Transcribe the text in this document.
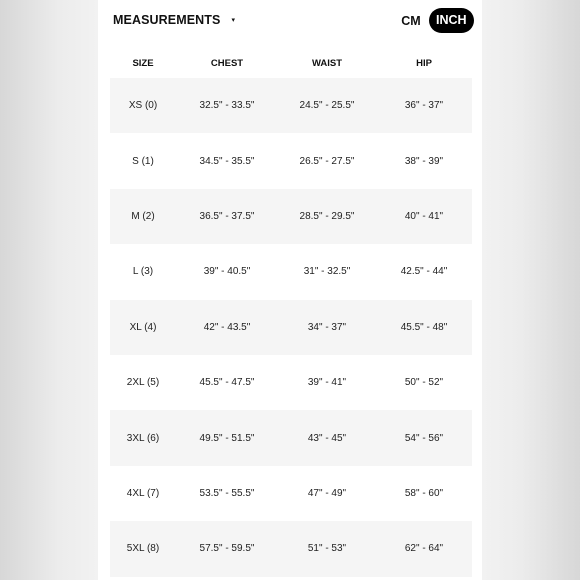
MEASUREMENTS ▾	CM	INCH
SIZE	CHEST	WAIST	HIP
XS (0)	32.5" - 33.5"	24.5" - 25.5"	36" - 37"
S (1)	34.5" - 35.5"	26.5" - 27.5"	38" - 39"
M (2)	36.5" - 37.5"	28.5" - 29.5"	40" - 41"
L (3)	39" - 40.5"	31" - 32.5"	42.5" - 44"
XL (4)	42" - 43.5"	34" - 37"	45.5" - 48"
2XL (5)	45.5" - 47.5"	39" - 41"	50" - 52"
3XL (6)	49.5" - 51.5"	43" - 45"	54" - 56"
4XL (7)	53.5" - 55.5"	47" - 49"	58" - 60"
5XL (8)	57.5" - 59.5"	51" - 53"	62" - 64"
